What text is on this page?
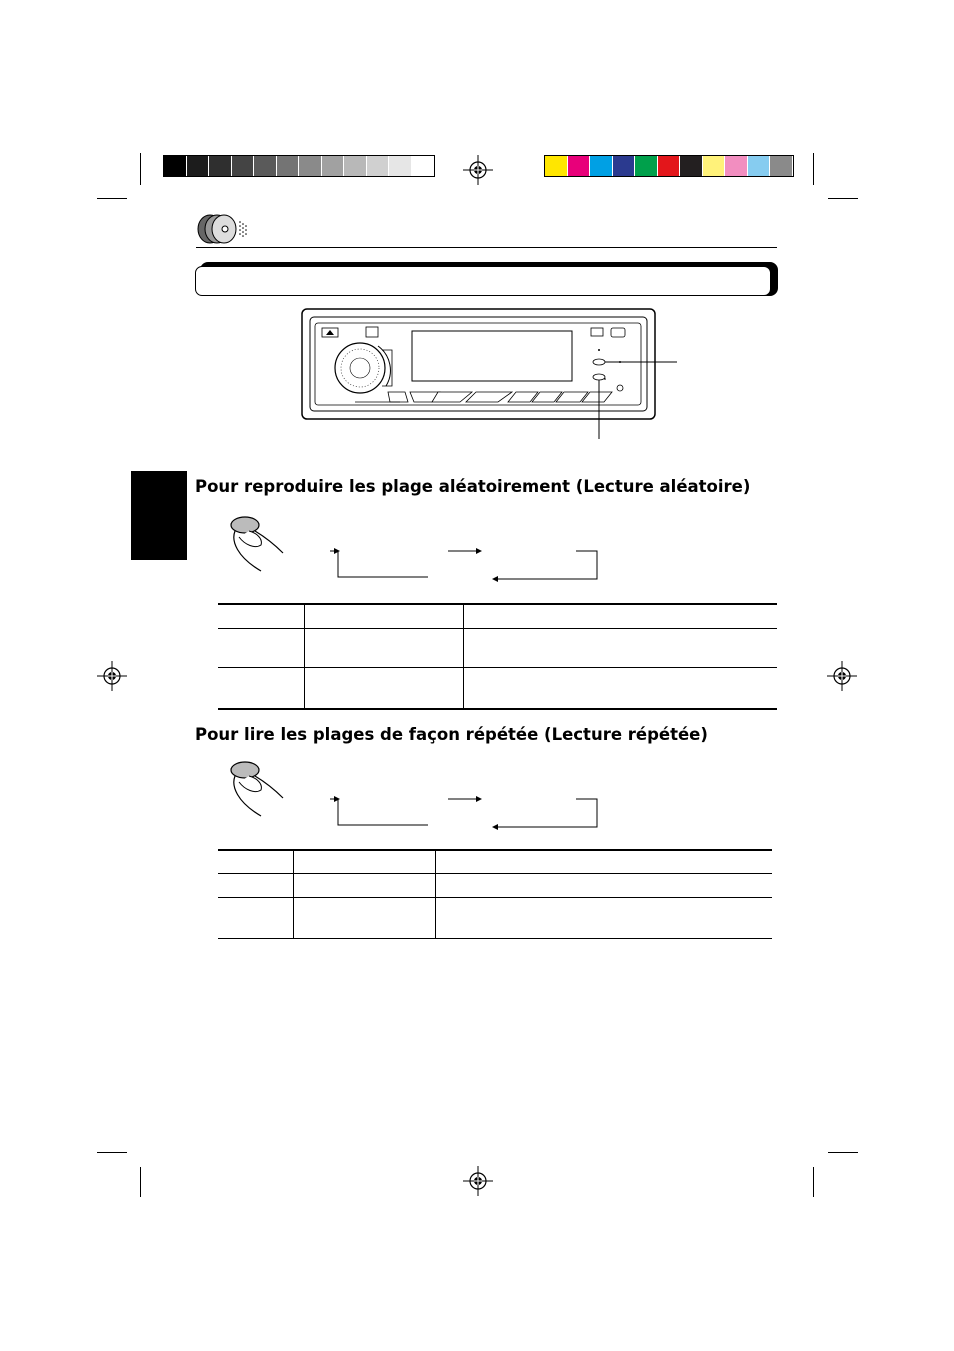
Pour reproduire les plage aléatoirement (Lecture aléatoire)
Pour lire les plages de façon répétée (Lecture répétée)
